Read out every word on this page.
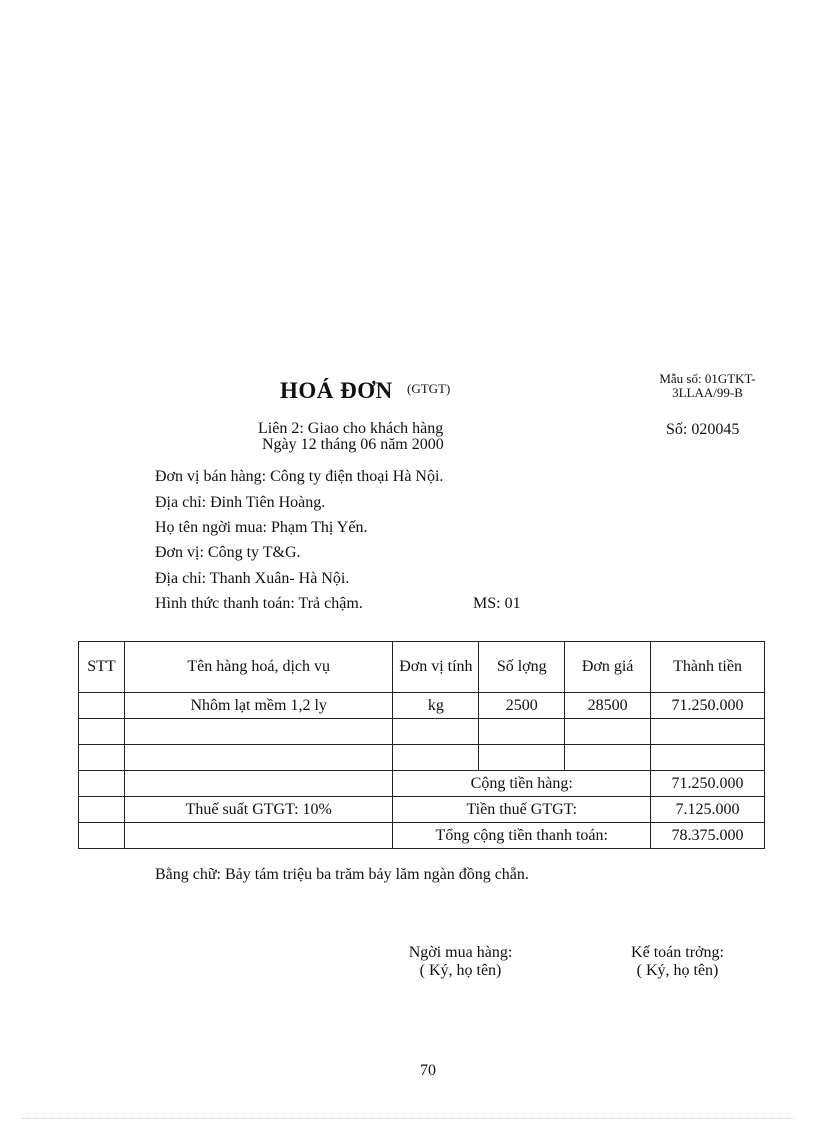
HOÁ ĐƠN (GTGT)
Mẫu số: 01GTKT-
3LLAA/99-B
Liên 2: Giao cho khách hàng
Ngày 12 tháng 06 năm 2000
Số: 020045
Đơn vị bán hàng: Công ty điện thoại Hà Nội.
Địa chỉ: Đinh Tiên Hoàng.
Họ tên ngời mua: Phạm Thị Yến.
Đơn vị: Công ty T&G.
Địa chỉ: Thanh Xuân- Hà Nội.
Hình thức thanh toán: Trả chậm.	MS: 01
STT	Tên hàng hoá, dịch vụ	Đơn vị tính	Số lợng	Đơn giá	Thành tiền
	Nhôm lạt mềm 1,2 ly	kg	2500	28500	71.250.000

		Cộng tiền hàng:			71.250.000
	Thuế suất GTGT: 10%	Tiền thuế GTGT:			7.125.000
		Tổng cộng tiền thanh toán:			78.375.000
Bằng chữ: Bảy tám triệu ba trăm bảy lăm ngàn đồng chẵn.
Ngời mua hàng:
( Ký, họ tên)
Kế toán trởng:
( Ký, họ tên)
70
